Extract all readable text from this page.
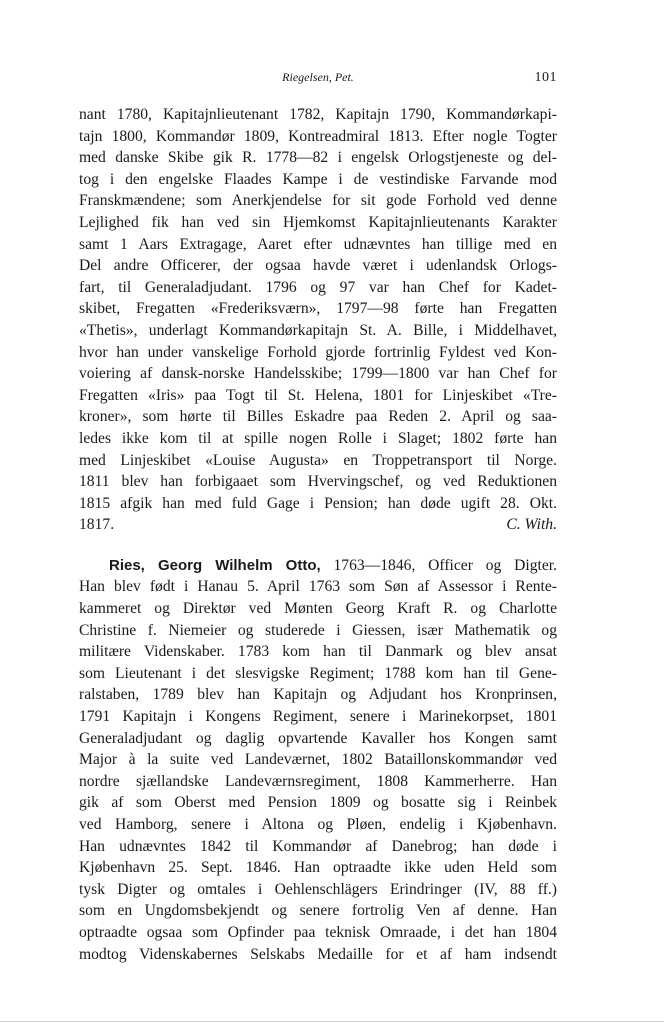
Riegelsen, Pet.	101
nant 1780, Kapitajnlieutenant 1782, Kapitajn 1790, Kommandørkapi-
tajn 1800, Kommandør 1809, Kontreadmiral 1813. Efter nogle Togter
med danske Skibe gik R. 1778—82 i engelsk Orlogstjeneste og del-
tog i den engelske Flaades Kampe i de vestindiske Farvande mod
Franskmændene; som Anerkjendelse for sit gode Forhold ved denne
Lejlighed fik han ved sin Hjemkomst Kapitajnlieutenants Karakter
samt 1 Aars Extragage, Aaret efter udnævntes han tillige med en
Del andre Officerer, der ogsaa havde været i udenlandsk Orlogs-
fart, til Generaladjudant. 1796 og 97 var han Chef for Kadet-
skibet, Fregatten «Frederiksværn», 1797—98 førte han Fregatten
«Thetis», underlagt Kommandørkapitajn St. A. Bille, i Middelhavet,
hvor han under vanskelige Forhold gjorde fortrinlig Fyldest ved Kon-
voiering af dansk-norske Handelsskibe; 1799—1800 var han Chef for
Fregatten «Iris» paa Togt til St. Helena, 1801 for Linjeskibet «Tre-
kroner», som hørte til Billes Eskadre paa Reden 2. April og saa-
ledes ikke kom til at spille nogen Rolle i Slaget; 1802 førte han
med Linjeskibet «Louise Augusta» en Troppetransport til Norge.
1811 blev han forbigaaet som Hvervingschef, og ved Reduktionen
1815 afgik han med fuld Gage i Pension; han døde ugift 28. Okt.
1817.	C. With.
Ries, Georg Wilhelm Otto, 1763—1846, Officer og Digter.
Han blev født i Hanau 5. April 1763 som Søn af Assessor i Rente-
kammeret og Direktør ved Mønten Georg Kraft R. og Charlotte
Christine f. Niemeier og studerede i Giessen, især Mathematik og
militære Videnskaber. 1783 kom han til Danmark og blev ansat
som Lieutenant i det slesvigske Regiment; 1788 kom han til Gene-
ralstaben, 1789 blev han Kapitajn og Adjudant hos Kronprinsen,
1791 Kapitajn i Kongens Regiment, senere i Marinekorpset, 1801
Generaladjudant og daglig opvartende Kavaller hos Kongen samt
Major à la suite ved Landeværnet, 1802 Bataillonskommandør ved
nordre sjællandske Landeværnsregiment, 1808 Kammerherre. Han
gik af som Oberst med Pension 1809 og bosatte sig i Reinbek
ved Hamborg, senere i Altona og Pløen, endelig i Kjøbenhavn.
Han udnævntes 1842 til Kommandør af Danebrog; han døde i
Kjøbenhavn 25. Sept. 1846. Han optraadte ikke uden Held som
tysk Digter og omtales i Oehlenschlägers Erindringer (IV, 88 ff.)
som en Ungdomsbekjendt og senere fortrolig Ven af denne. Han
optraadte ogsaa som Opfinder paa teknisk Omraade, i det han 1804
modtog Videnskabernes Selskabs Medaille for et af ham indsendt
